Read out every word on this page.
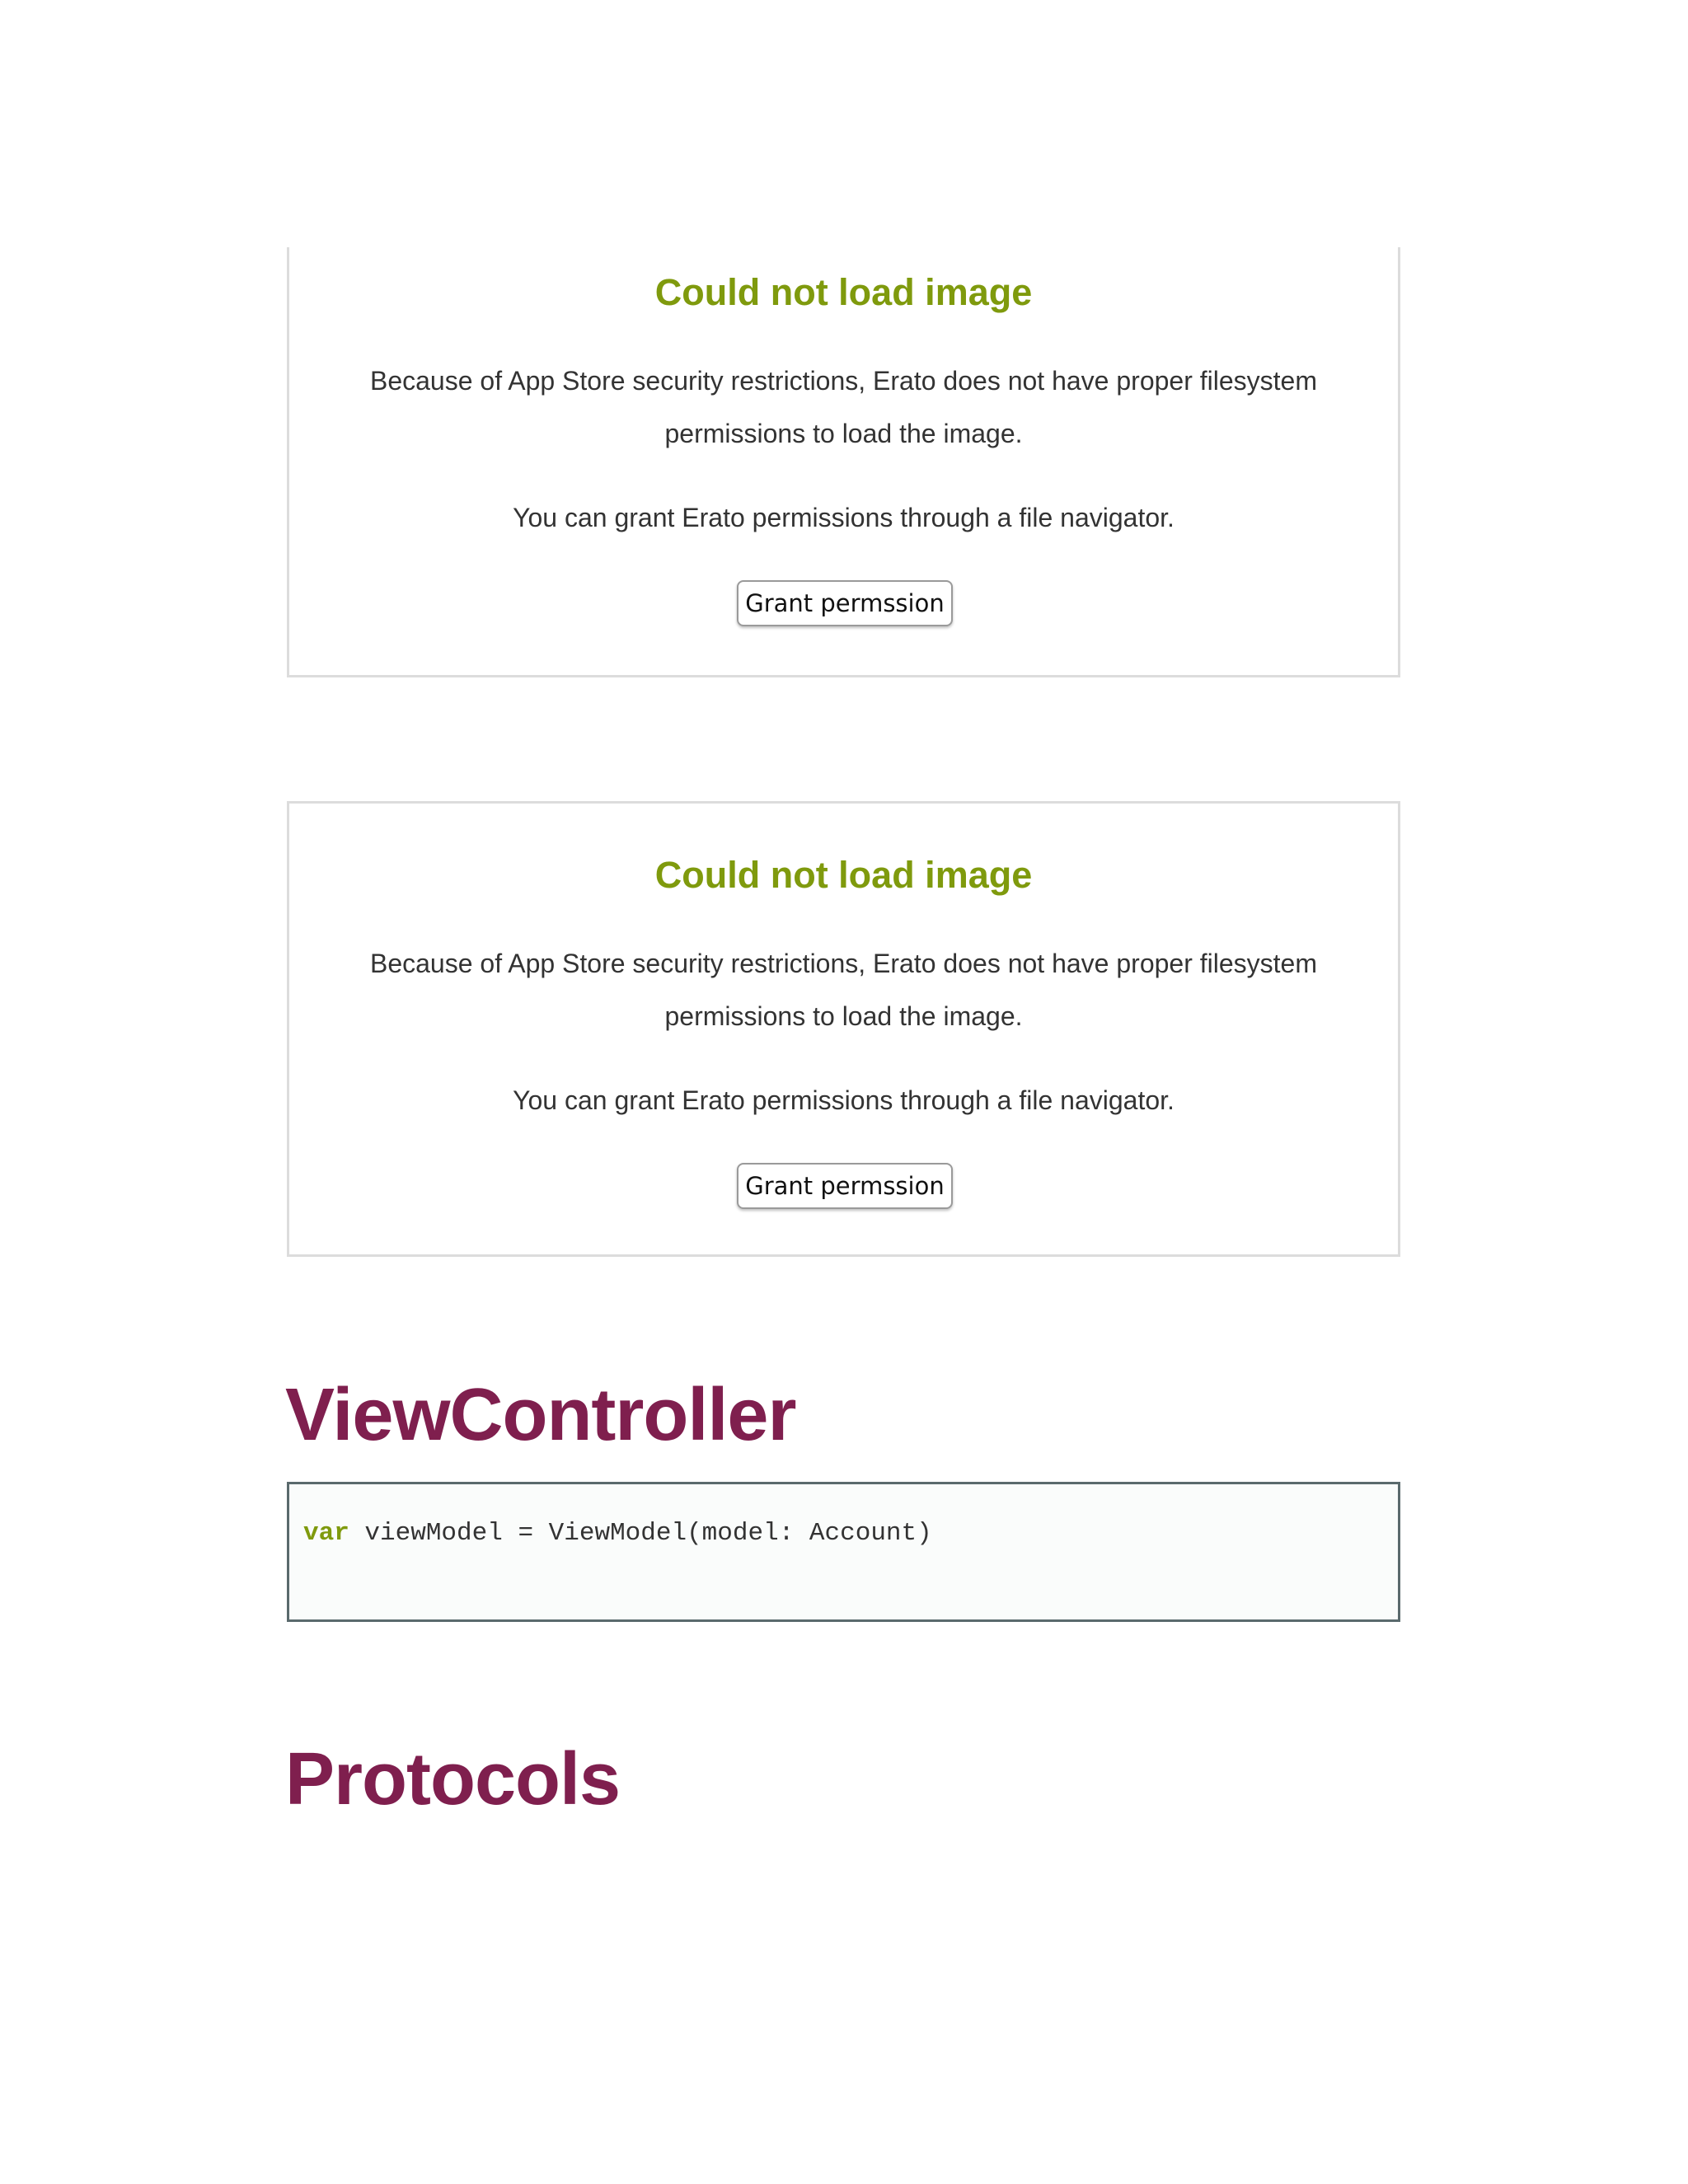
Could not load image
Because of App Store security restrictions, Erato does not have proper filesystem permissions to load the image.
You can grant Erato permissions through a file navigator.
Grant permssion
Could not load image
Because of App Store security restrictions, Erato does not have proper filesystem permissions to load the image.
You can grant Erato permissions through a file navigator.
Grant permssion
ViewController
var viewModel = ViewModel(model: Account)
Protocols
